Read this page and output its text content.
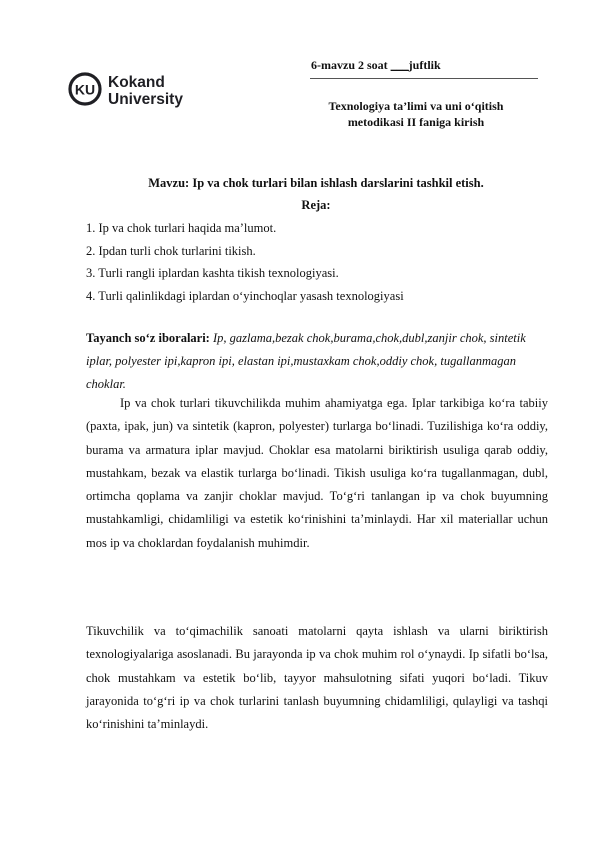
6-mavzu 2 soat ___juftlik
KU Kokand
University	Texnologiya ta’limi va uni o‘qitish metodikasi II faniga kirish
Mavzu: Ip va chok turlari bilan ishlash darslarini tashkil etish.
Reja:
1. Ip va chok turlari haqida ma’lumot.
2. Ipdan turli chok turlarini tikish.
3. Turli rangli iplardan kashta tikish texnologiyasi.
4. Turli qalinlikdagi iplardan o‘yinchoqlar yasash texnologiyasi
Tayanch so‘z iboralari: Ip, gazlama,bezak chok,burama,chok,dubl,zanjir chok, sintetik iplar, polyester ipi,kapron ipi, elastan ipi,mustaxkam chok,oddiy chok, tugallanmagan choklar.

Ip va chok turlari tikuvchilikda muhim ahamiyatga ega. Iplar tarkibiga ko‘ra tabiiy (paxta, ipak, jun) va sintetik (kapron, polyester) turlarga bo‘linadi. Tuzilishiga ko‘ra oddiy, burama va armatura iplar mavjud. Choklar esa matolarni biriktirish usuliga qarab oddiy, mustahkam, bezak va elastik turlarga bo‘linadi. Tikish usuliga ko‘ra tugallanmagan, dubl, ortimcha qoplama va zanjir choklar mavjud. To‘g‘ri tanlangan ip va chok buyumning mustahkamligi, chidamliligi va estetik ko‘rinishini ta’minlaydi. Har xil materiallar uchun mos ip va choklardan foydalanish muhimdir.

Tikuvchilik va to‘qimachilik sanoati matolarni qayta ishlash va ularni biriktirish texnologiyalariga asoslanadi. Bu jarayonda ip va chok muhim rol o‘ynaydi. Ip sifatli bo‘lsa, chok mustahkam va estetik bo‘lib, tayyor mahsulotning sifati yuqori bo‘ladi. Tikuv jarayonida to‘g‘ri ip va chok turlarini tanlash buyumning chidamliligi, qulayligi va tashqi ko‘rinishini ta’minlaydi.
